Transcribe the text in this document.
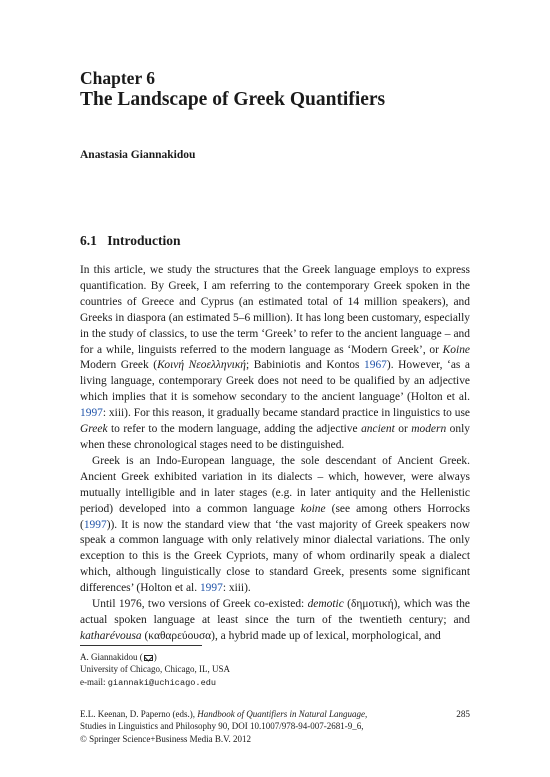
Chapter 6
The Landscape of Greek Quantifiers
Anastasia Giannakidou
6.1 Introduction

In this article, we study the structures that the Greek language employs to express quantification. By Greek, I am referring to the contemporary Greek spoken in the countries of Greece and Cyprus (an estimated total of 14 million speakers), and Greeks in diaspora (an estimated 5–6 million). It has long been customary, especially in the study of classics, to use the term ‘Greek’ to refer to the ancient language – and for a while, linguists referred to the modern language as ‘Modern Greek’, or Koine Modern Greek (Κοινή Νεοελληνική; Babiniotis and Kontos 1967). However, ‘as a living language, contemporary Greek does not need to be qualified by an adjective which implies that it is somehow secondary to the ancient language’ (Holton et al. 1997: xiii). For this reason, it gradually became standard practice in linguistics to use Greek to refer to the modern language, adding the adjective ancient or modern only when these chronological stages need to be distinguished.

Greek is an Indo-European language, the sole descendant of Ancient Greek. Ancient Greek exhibited variation in its dialects – which, however, were always mutually intelligible and in later stages (e.g. in later antiquity and the Hellenistic period) developed into a common language koine (see among others Horrocks (1997)). It is now the standard view that ‘the vast majority of Greek speakers now speak a common language with only relatively minor dialectal variations. The only exception to this is the Greek Cypriots, many of whom ordinarily speak a dialect which, although linguistically close to standard Greek, presents some significant differences’ (Holton et al. 1997: xiii).

Until 1976, two versions of Greek co-existed: demotic (δημοτική), which was the actual spoken language at least since the turn of the twentieth century; and katharévousa (καθαρεύουσα), a hybrid made up of lexical, morphological, and

A. Giannakidou ( )
University of Chicago, Chicago, IL, USA
e-mail: giannaki@uchicago.edu
E.L. Keenan, D. Paperno (eds.), Handbook of Quantifiers in Natural Language,
Studies in Linguistics and Philosophy 90, DOI 10.1007/978-94-007-2681-9_6,
© Springer Science+Business Media B.V. 2012
285
